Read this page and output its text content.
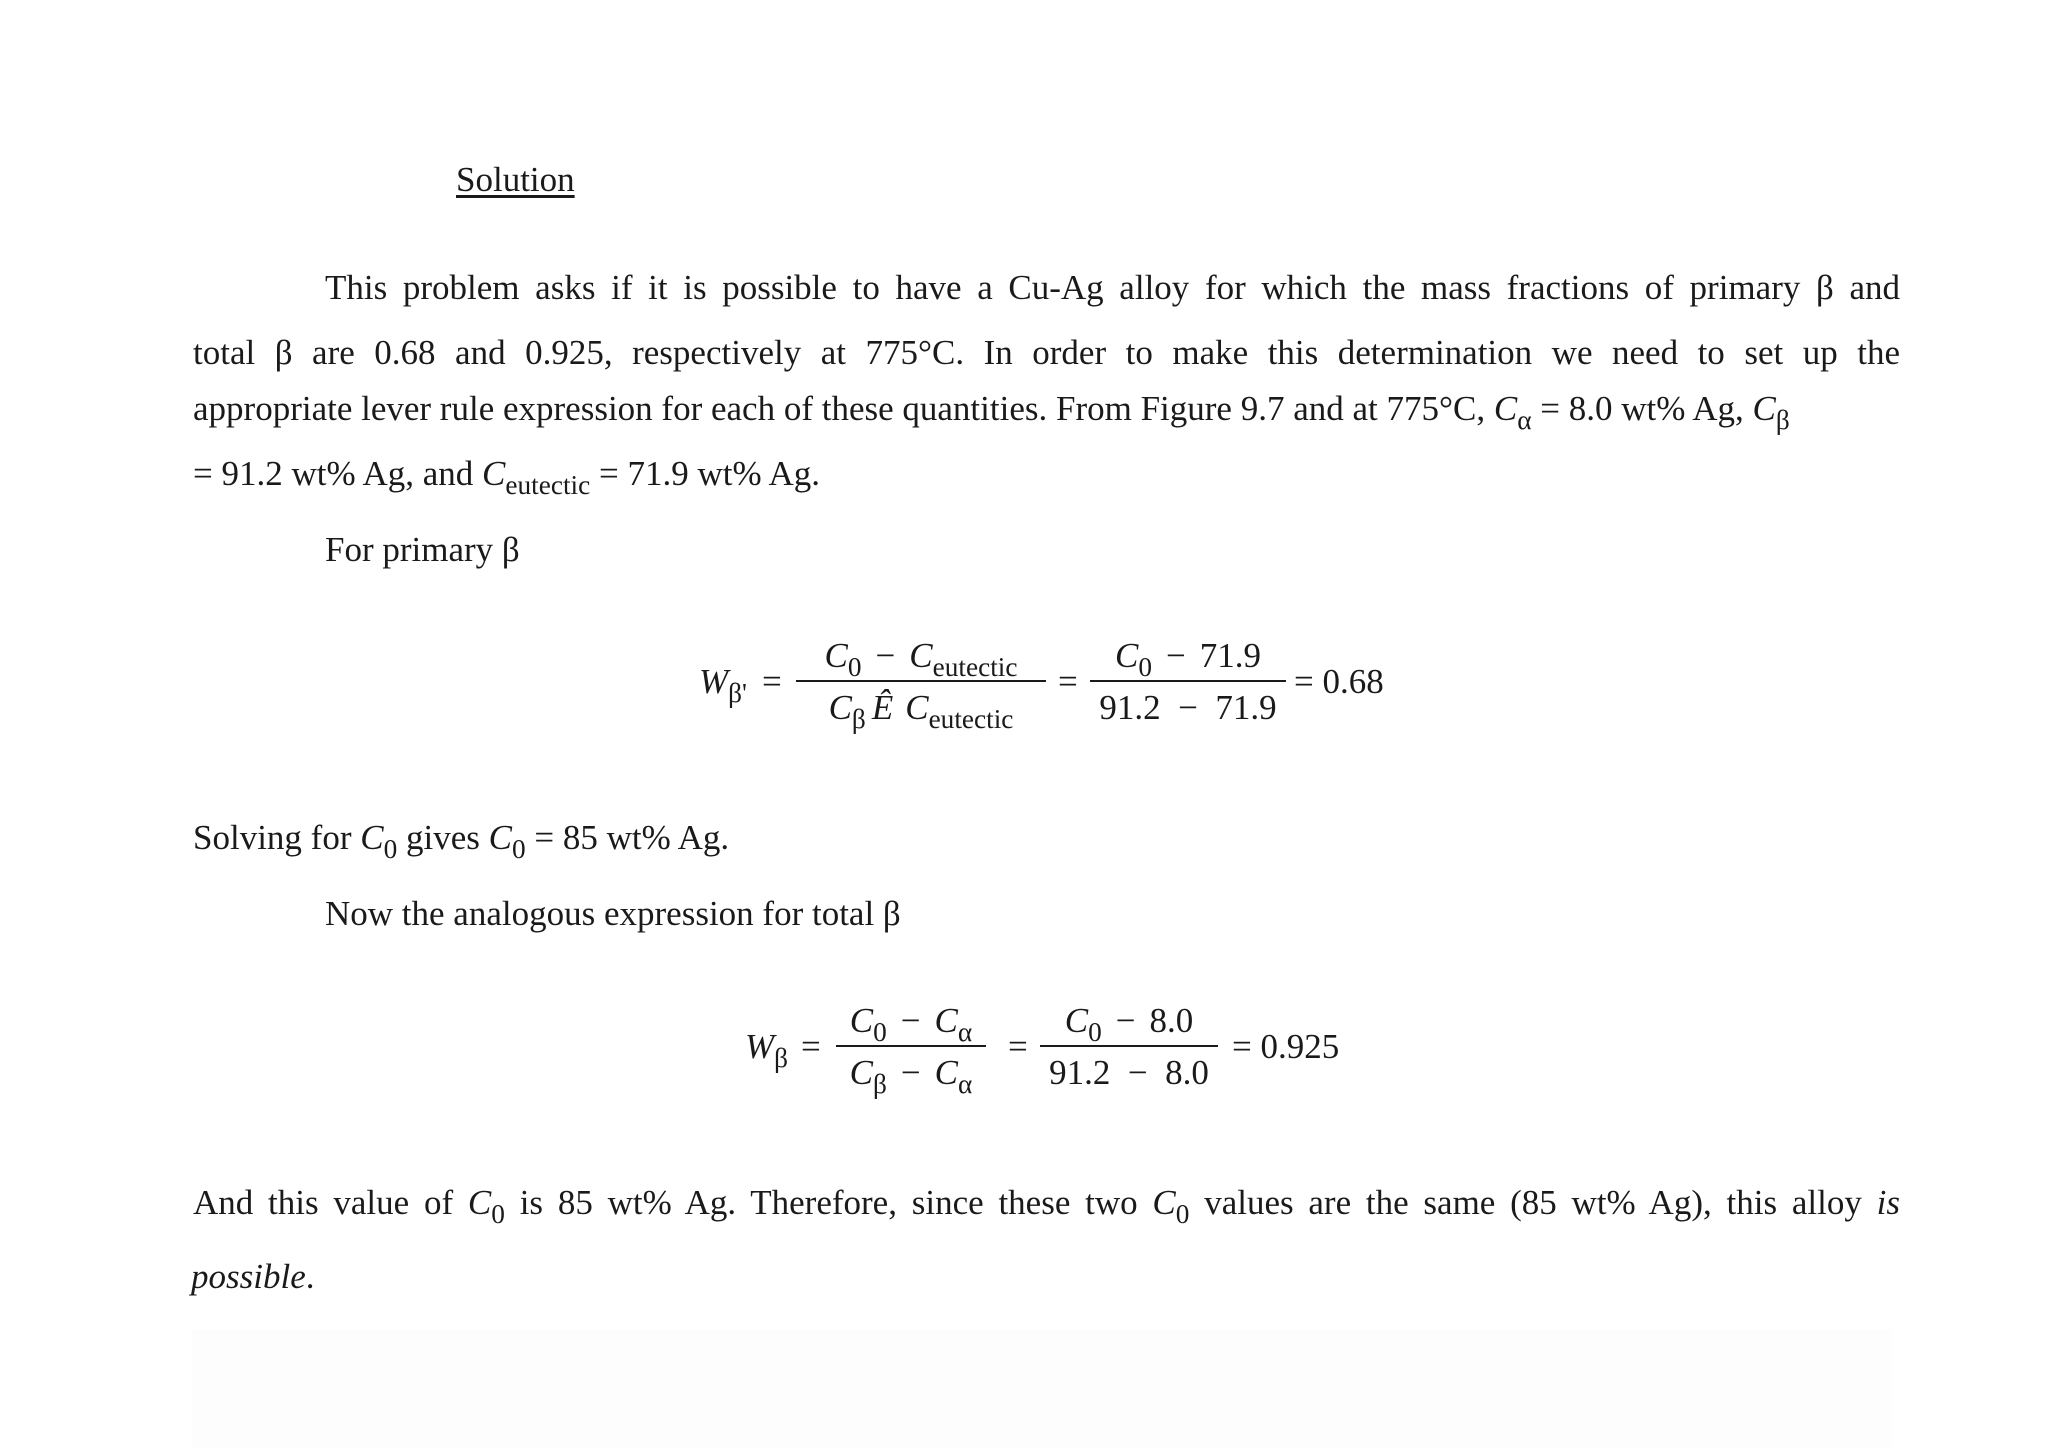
Solution
This problem asks if it is possible to have a Cu-Ag alloy for which the mass fractions of primary β and
total β are 0.68 and 0.925, respectively at 775°C. In order to make this determination we need to set up the
appropriate lever rule expression for each of these quantities. From Figure 9.7 and at 775°C, $C_\alpha = 8.0$ wt% Ag, $C_\beta$
= 91.2 wt% Ag, and $C_{eutectic} = 71.9$ wt% Ag.
For primary β
$W_{\beta'}$ =
$C_0 - C_{eutectic}$
$C_\beta$ Ê $C_{eutectic}$
=
$C_0 - 71.9$
91.2  −  71.9
= 0.68
Solving for $C_0$ gives $C_0 = 85$ wt% Ag.
Now the analogous expression for total β
$W_\beta$ =
$C_0 - C_\alpha$
$C_\beta - C_\alpha$
=
$C_0 - 8.0$
91.2  −  8.0
= 0.925
And this value of $C_0$ is 85 wt% Ag. Therefore, since these two $C_0$ values are the same (85 wt% Ag), this alloy is
possible.
